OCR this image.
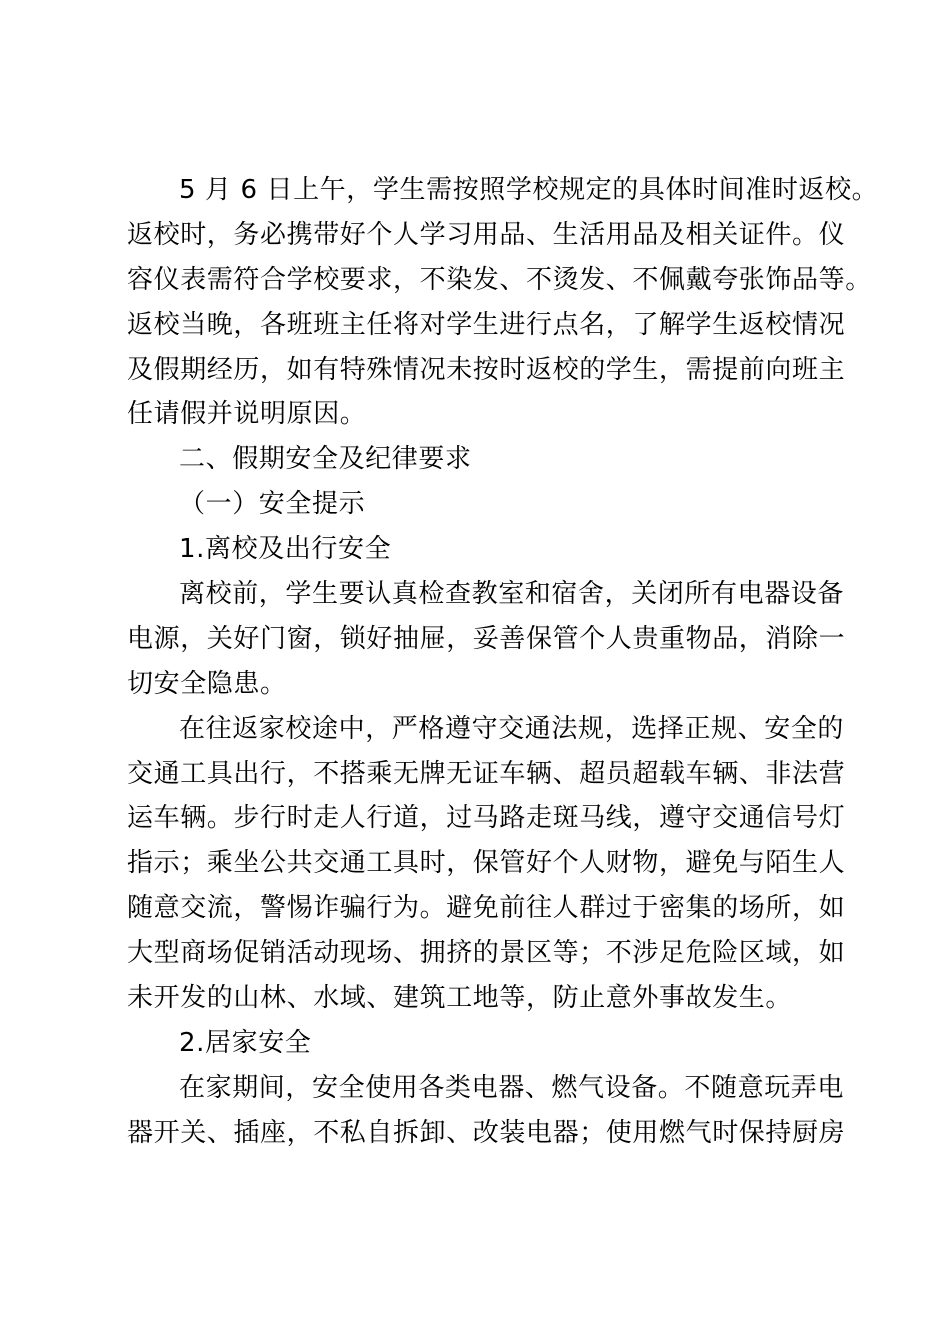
5 月 6 日上午，学生需按照学校规定的具体时间准时返校。
返校时，务必携带好个人学习用品、生活用品及相关证件。仪
容仪表需符合学校要求，不染发、不烫发、不佩戴夸张饰品等。
返校当晚，各班班主任将对学生进行点名，了解学生返校情况
及假期经历，如有特殊情况未按时返校的学生，需提前向班主
任请假并说明原因。
二、假期安全及纪律要求
（一）安全提示
1.离校及出行安全
离校前，学生要认真检查教室和宿舍，关闭所有电器设备
电源，关好门窗，锁好抽屉，妥善保管个人贵重物品，消除一
切安全隐患。
在往返家校途中，严格遵守交通法规，选择正规、安全的
交通工具出行，不搭乘无牌无证车辆、超员超载车辆、非法营
运车辆。步行时走人行道，过马路走斑马线，遵守交通信号灯
指示；乘坐公共交通工具时，保管好个人财物，避免与陌生人
随意交流，警惕诈骗行为。避免前往人群过于密集的场所，如
大型商场促销活动现场、拥挤的景区等；不涉足危险区域，如
未开发的山林、水域、建筑工地等，防止意外事故发生。
2.居家安全
在家期间，安全使用各类电器、燃气设备。不随意玩弄电
器开关、插座，不私自拆卸、改装电器；使用燃气时保持厨房
